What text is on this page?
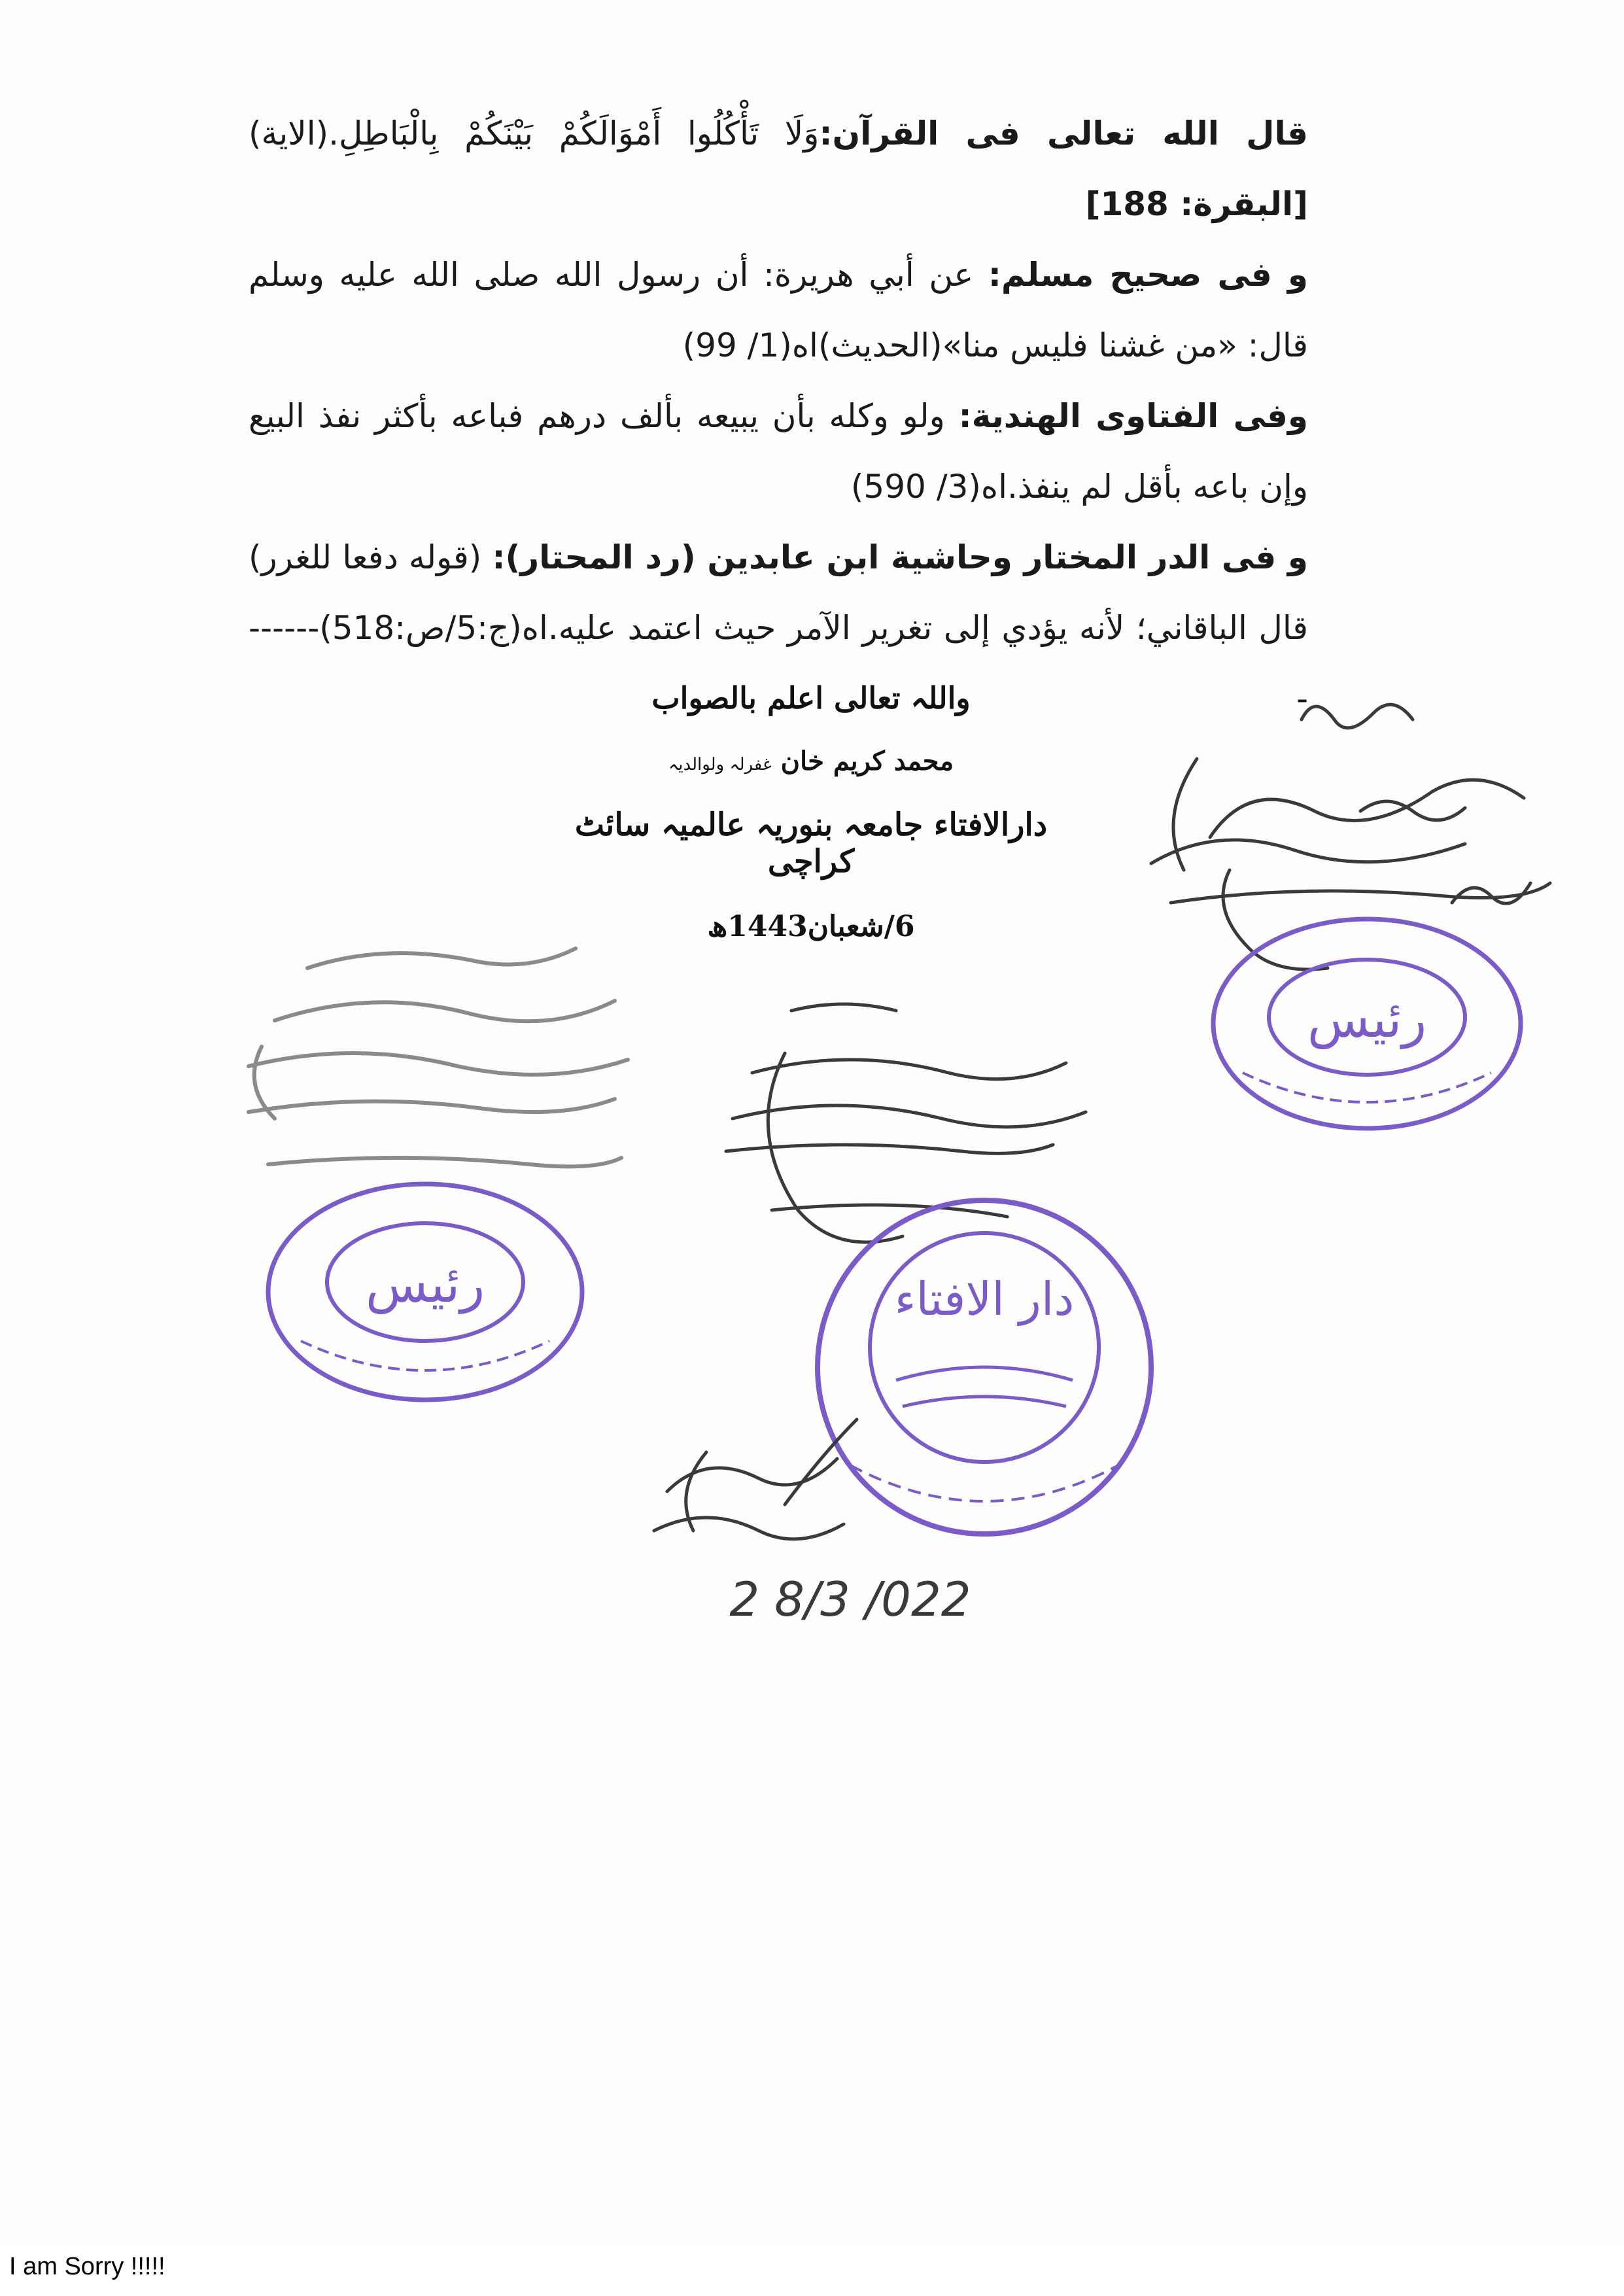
قال الله تعالى فى القرآن:وَلَا تَأْكُلُوا أَمْوَالَكُمْ بَيْنَكُمْ بِالْبَاطِلِ.(الاية) [البقرة: 188]

و فى صحيح مسلم: عن أبي هريرة: أن رسول الله صلى الله عليه وسلم قال: «من غشنا فليس منا»(الحديث)اه(1/ 99)

وفی الفتاوى الهندية: ولو وكله بأن يبيعه بألف درهم فباعه بأكثر نفذ البيع وإن باعه بأقل لم ينفذ.اه(3/ 590)

و فی الدر المختار وحاشية ابن عابدين (رد المحتار): (قوله دفعا للغرر) قال الباقاني؛ لأنه يؤدي إلى تغرير الآمر حيث اعتمد عليه.اه(ج:5/ص:518)-------

واللہ تعالی اعلم بالصواب
محمد کریم خان غفرلہ ولوالدیہ
دارالافتاء جامعہ بنوریہ عالمیہ سائٹ کراچی
6/شعبان1443ھ
رئیس
رئیس	دار الافتاء
2 8/3 /022
I am Sorry !!!!!
